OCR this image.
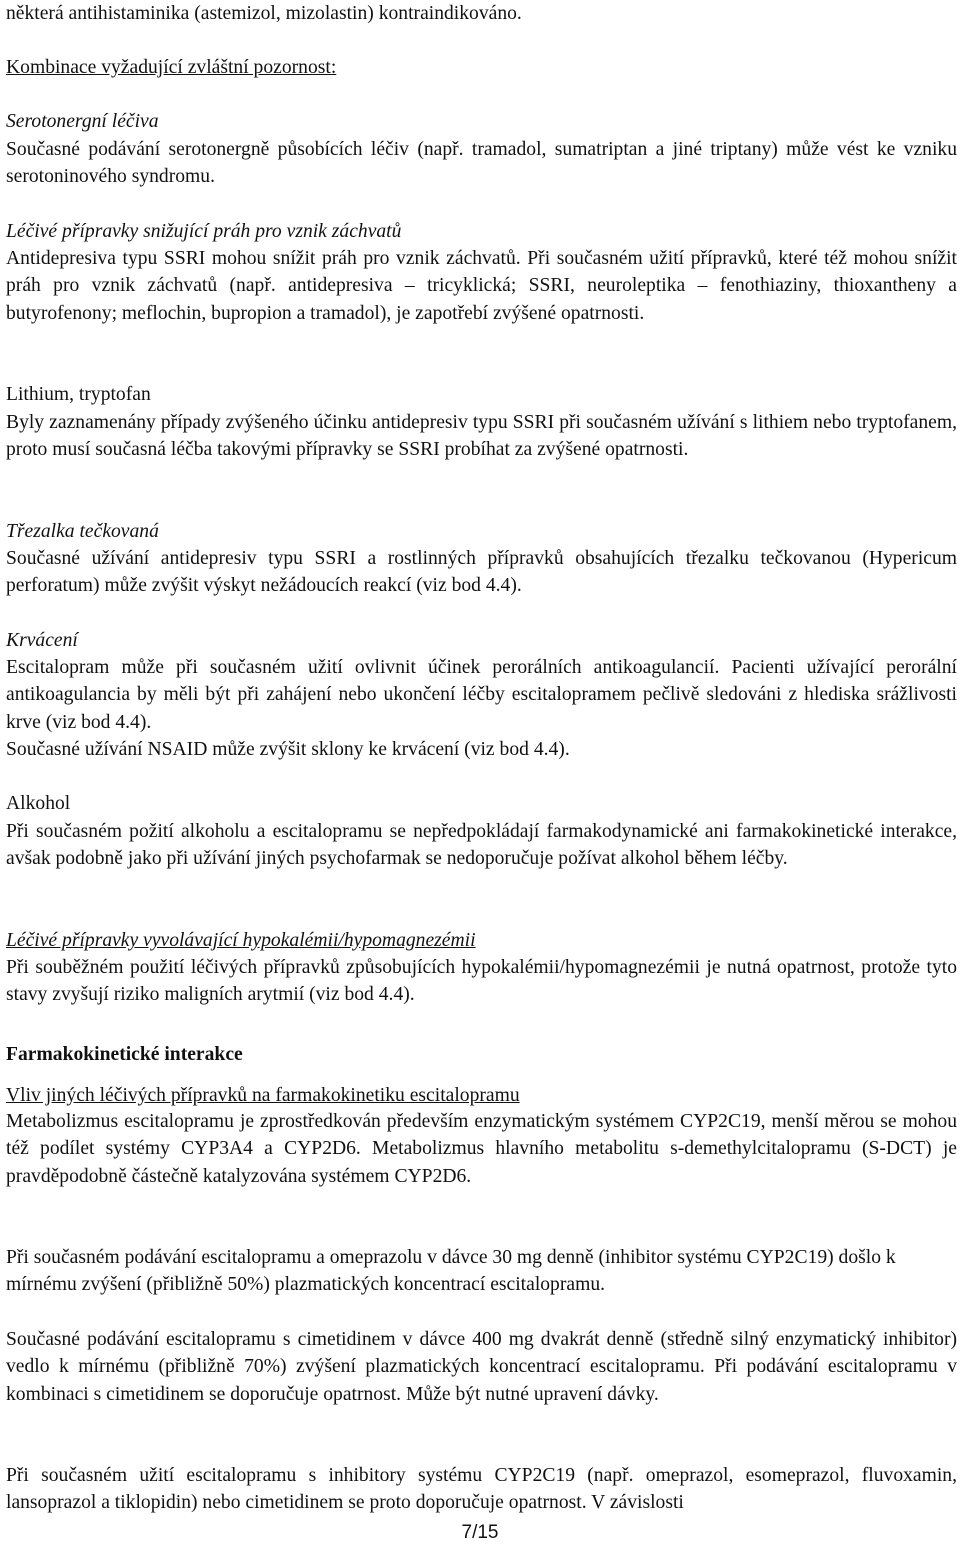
některá antihistaminika (astemizol, mizolastin) kontraindikováno.

Kombinace vyžadující zvláštní pozornost:

Serotonergní léčiva

Současné podávání serotonergně působících léčiv (např. tramadol, sumatriptan a jiné triptany) může vést ke vzniku serotoninového syndromu.

Léčivé přípravky snižující práh pro vznik záchvatů

Antidepresiva typu SSRI mohou snížit práh pro vznik záchvatů. Při současném užití přípravků, které též mohou snížit práh pro vznik záchvatů (např. antidepresiva – tricyklická; SSRI, neuroleptika – fenothiaziny, thioxantheny a butyrofenony; meflochin, bupropion a tramadol), je zapotřebí zvýšené opatrnosti.

Lithium, tryptofan

Byly zaznamenány případy zvýšeného účinku antidepresiv typu SSRI při současném užívání s lithiem nebo tryptofanem, proto musí současná léčba takovými přípravky se SSRI probíhat za zvýšené opatrnosti.

Třezalka tečkovaná

Současné užívání antidepresiv typu SSRI a rostlinných přípravků obsahujících třezalku tečkovanou (Hypericum perforatum) může zvýšit výskyt nežádoucích reakcí (viz bod 4.4).

Krvácení

Escitalopram může při současném užití ovlivnit účinek perorálních antikoagulancií. Pacienti užívající perorální antikoagulancia by měli být při zahájení nebo ukončení léčby escitalopramem pečlivě sledováni z hlediska srážlivosti krve (viz bod 4.4).

Současné užívání NSAID může zvýšit sklony ke krvácení (viz bod 4.4).

Alkohol

Při současném požití alkoholu a escitalopramu se nepředpokládají farmakodynamické ani farmakokinetické interakce, avšak podobně jako při užívání jiných psychofarmak se nedoporučuje požívat alkohol během léčby.

Léčivé přípravky vyvolávající hypokalémii/hypomagnezémii

Při souběžném použití léčivých přípravků způsobujících hypokalémii/hypomagnezémii je nutná opatrnost, protože tyto stavy zvyšují riziko maligních arytmií (viz bod 4.4).

Farmakokinetické interakce

Vliv jiných léčivých přípravků na farmakokinetiku escitalopramu

Metabolizmus escitalopramu je zprostředkován především enzymatickým systémem CYP2C19, menší měrou se mohou též podílet systémy CYP3A4 a CYP2D6. Metabolizmus hlavního metabolitu s-demethylcitalopramu (S-DCT) je pravděpodobně částečně katalyzována systémem CYP2D6.

Při současném podávání escitalopramu a omeprazolu v dávce 30 mg denně (inhibitor systému CYP2C19) došlo k mírnému zvýšení (přibližně 50%) plazmatických koncentrací escitalopramu.

Současné podávání escitalopramu s cimetidinem v dávce 400 mg dvakrát denně (středně silný enzymatický inhibitor) vedlo k mírnému (přibližně 70%) zvýšení plazmatických koncentrací escitalopramu. Při podávání escitalopramu v kombinaci s cimetidinem se doporučuje opatrnost. Může být nutné upravení dávky.

Při současném užití escitalopramu s inhibitory systému CYP2C19 (např. omeprazol, esomeprazol, fluvoxamin, lansoprazol a tiklopidin) nebo cimetidinem se proto doporučuje opatrnost. V závislosti

7/15
